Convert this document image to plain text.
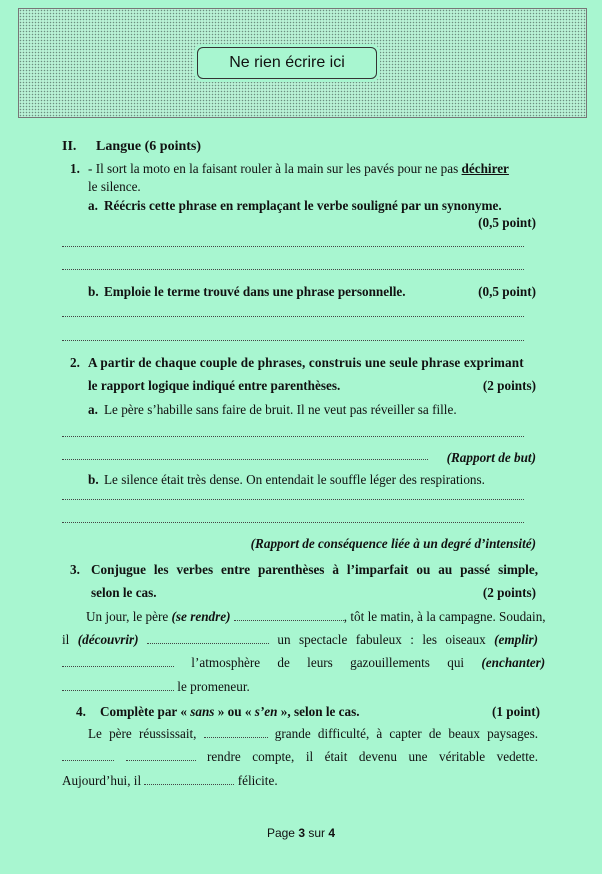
Ne rien écrire ici
II. Langue (6 points)
1. - Il sort la moto en la faisant rouler à la main sur les pavés pour ne pas déchirer
le silence.
a. Réécris cette phrase en remplaçant le verbe souligné par un synonyme.
(0,5 point)
b. Emploie le terme trouvé dans une phrase personnelle.	(0,5 point)
2. A partir de chaque couple de phrases, construis une seule phrase exprimant
le rapport logique indiqué entre parenthèses.	(2 points)
a. Le père s’habille sans faire de bruit. Il ne veut pas réveiller sa fille.
(Rapport de but)
b. Le silence était très dense. On entendait le souffle léger des respirations.
(Rapport de conséquence liée à un degré d’intensité)
3. Conjugue les verbes entre parenthèses à l’imparfait ou au passé simple,
selon le cas.	(2 points)
Un jour, le père (se rendre)	, tôt le matin, à la campagne. Soudain,
il (découvrir)	un spectacle fabuleux : les oiseaux (emplir)
l’atmosphère de leurs gazouillements qui (enchanter)
le promeneur.
4. Complète par « sans » ou « s’en », selon le cas.	(1 point)
Le père réussissait,	grande difficulté, à capter de beaux paysages.
rendre compte, il était devenu une véritable vedette.
Aujourd’hui, il	félicite.
Page 3 sur 4
